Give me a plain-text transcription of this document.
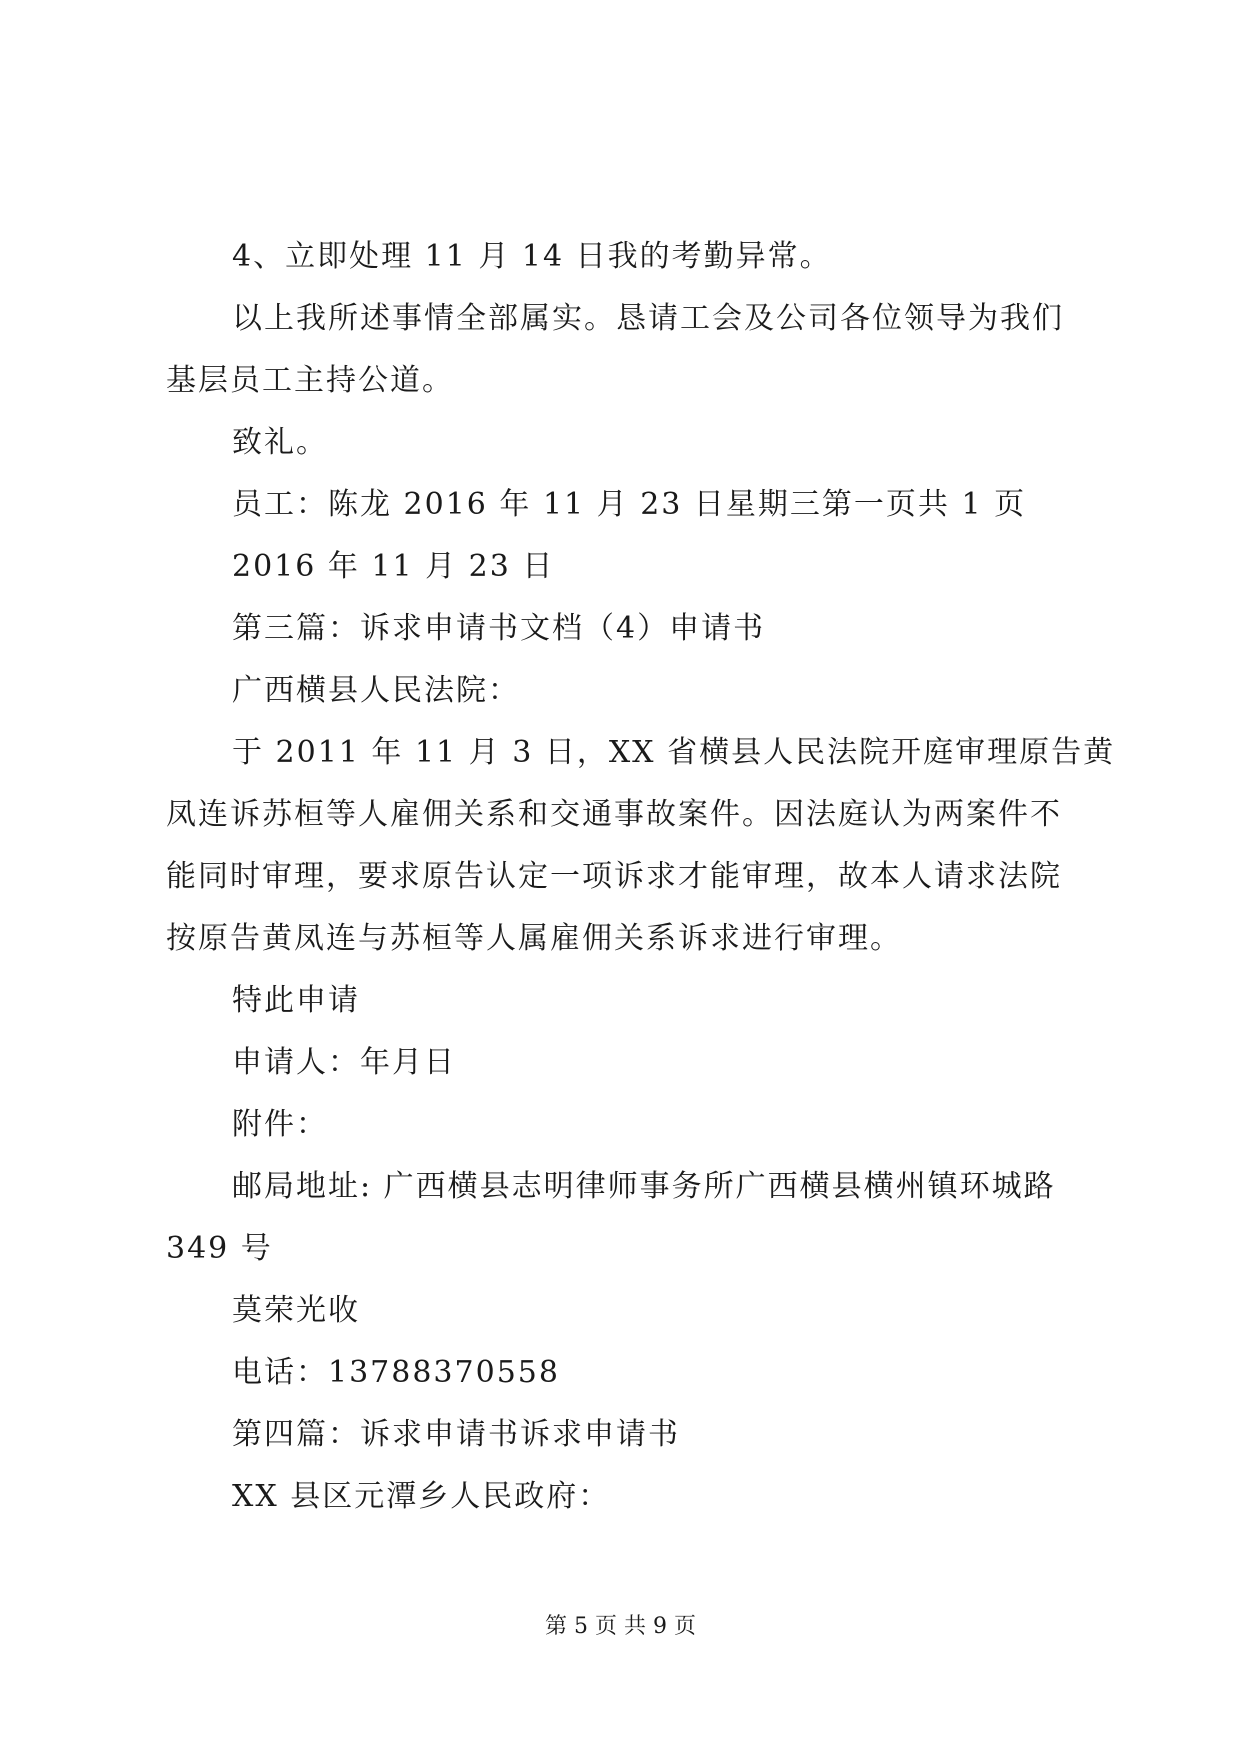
4、立即处理 11 月 14 日我的考勤异常。
以上我所述事情全部属实。恳请工会及公司各位领导为我们
基层员工主持公道。
致礼。
员工：陈龙 2016 年 11 月 23 日星期三第一页共 1 页
2016 年 11 月 23 日
第三篇：诉求申请书文档（4）申请书
广西横县人民法院：
于 2011 年 11 月 3 日，XX 省横县人民法院开庭审理原告黄
凤连诉苏桓等人雇佣关系和交通事故案件。因法庭认为两案件不
能同时审理，要求原告认定一项诉求才能审理，故本人请求法院
按原告黄凤连与苏桓等人属雇佣关系诉求进行审理。
特此申请
申请人：年月日
附件：
邮局地址: 广西横县志明律师事务所广西横县横州镇环城路
349 号
莫荣光收
电话：13788370558
第四篇：诉求申请书诉求申请书
XX 县区元潭乡人民政府：
第 5 页 共 9 页
